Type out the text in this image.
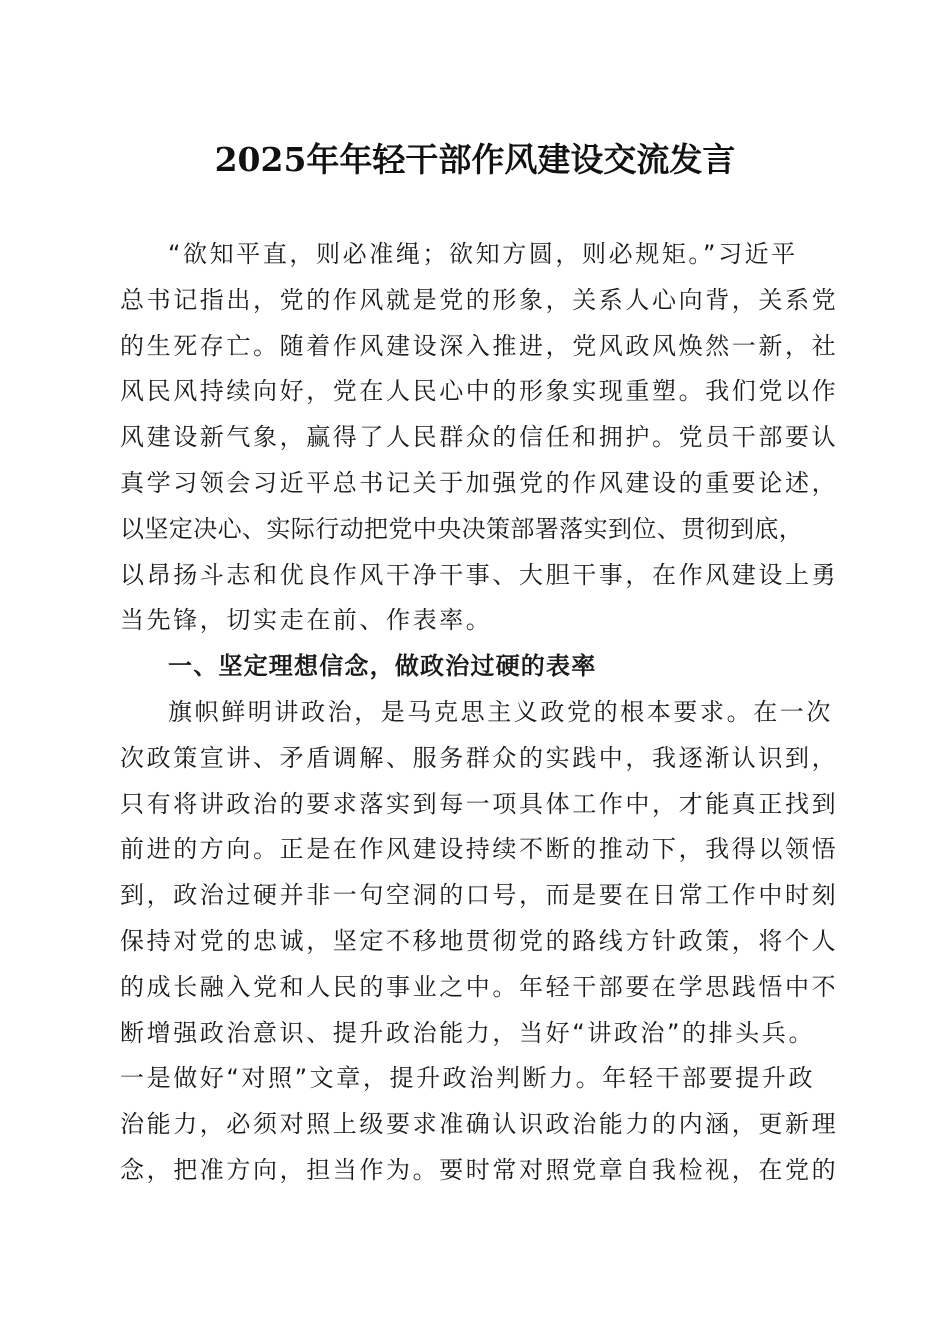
2025年年轻干部作风建设交流发言
“欲知平直，则必准绳；欲知方圆，则必规矩。”习近平
总书记指出，党的作风就是党的形象，关系人心向背，关系党
的生死存亡。随着作风建设深入推进，党风政风焕然一新，社
风民风持续向好，党在人民心中的形象实现重塑。我们党以作
风建设新气象，赢得了人民群众的信任和拥护。党员干部要认
真学习领会习近平总书记关于加强党的作风建设的重要论述，
以坚定决心、实际行动把党中央决策部署落实到位、贯彻到底，
以昂扬斗志和优良作风干净干事、大胆干事，在作风建设上勇
当先锋，切实走在前、作表率。
一、坚定理想信念，做政治过硬的表率
旗帜鲜明讲政治，是马克思主义政党的根本要求。在一次
次政策宣讲、矛盾调解、服务群众的实践中，我逐渐认识到，
只有将讲政治的要求落实到每一项具体工作中，才能真正找到
前进的方向。正是在作风建设持续不断的推动下，我得以领悟
到，政治过硬并非一句空洞的口号，而是要在日常工作中时刻
保持对党的忠诚，坚定不移地贯彻党的路线方针政策，将个人
的成长融入党和人民的事业之中。年轻干部要在学思践悟中不
断增强政治意识、提升政治能力，当好“讲政治”的排头兵。
一是做好“对照”文章，提升政治判断力。年轻干部要提升政
治能力，必须对照上级要求准确认识政治能力的内涵，更新理
念，把准方向，担当作为。要时常对照党章自我检视，在党的
